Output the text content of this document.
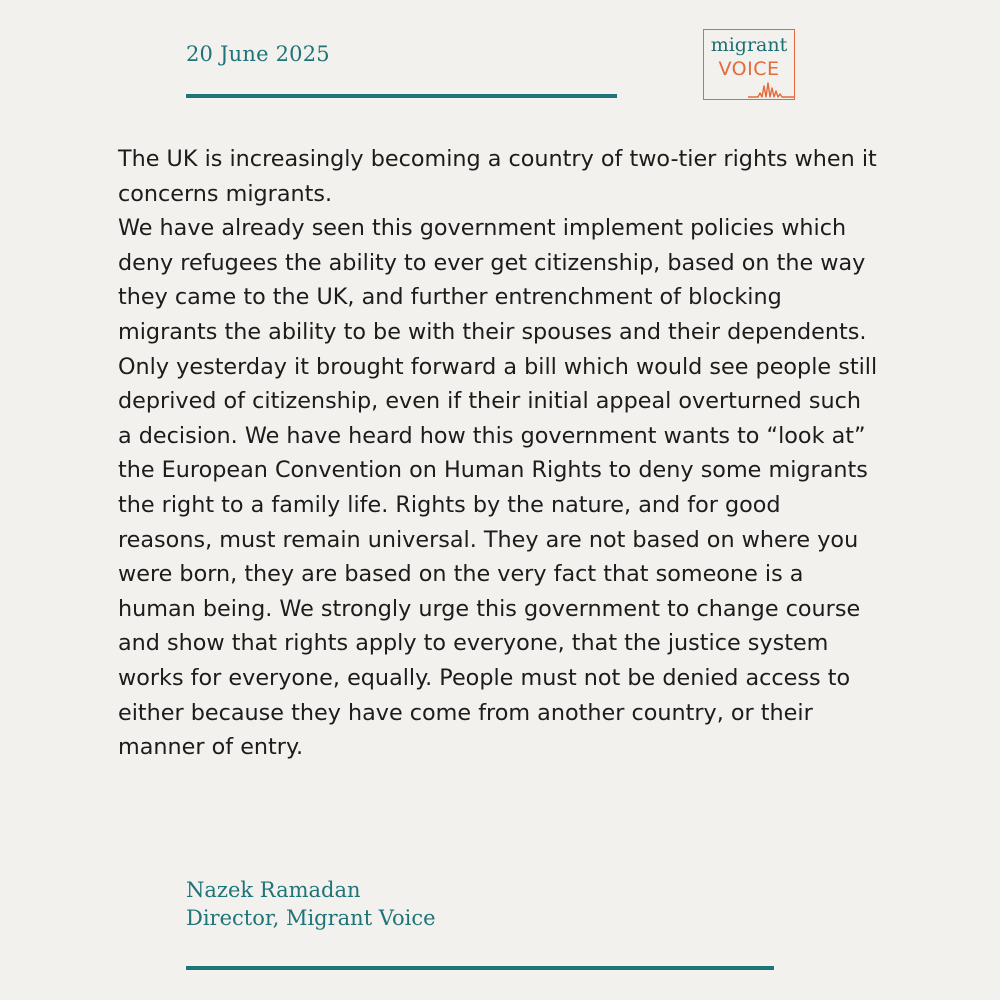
20 June 2025	migrant
VOICE

The UK is increasingly becoming a country of two-tier rights when it concerns migrants.

We have already seen this government implement policies which deny refugees the ability to ever get citizenship, based on the way they came to the UK, and further entrenchment of blocking migrants the ability to be with their spouses and their dependents. Only yesterday it brought forward a bill which would see people still deprived of citizenship, even if their initial appeal overturned such a decision. We have heard how this government wants to “look at” the European Convention on Human Rights to deny some migrants the right to a family life. Rights by the nature, and for good reasons, must remain universal. They are not based on where you were born, they are based on the very fact that someone is a human being. We strongly urge this government to change course and show that rights apply to everyone, that the justice system works for everyone, equally. People must not be denied access to either because they have come from another country, or their manner of entry.

Nazek Ramadan
Director, Migrant Voice
